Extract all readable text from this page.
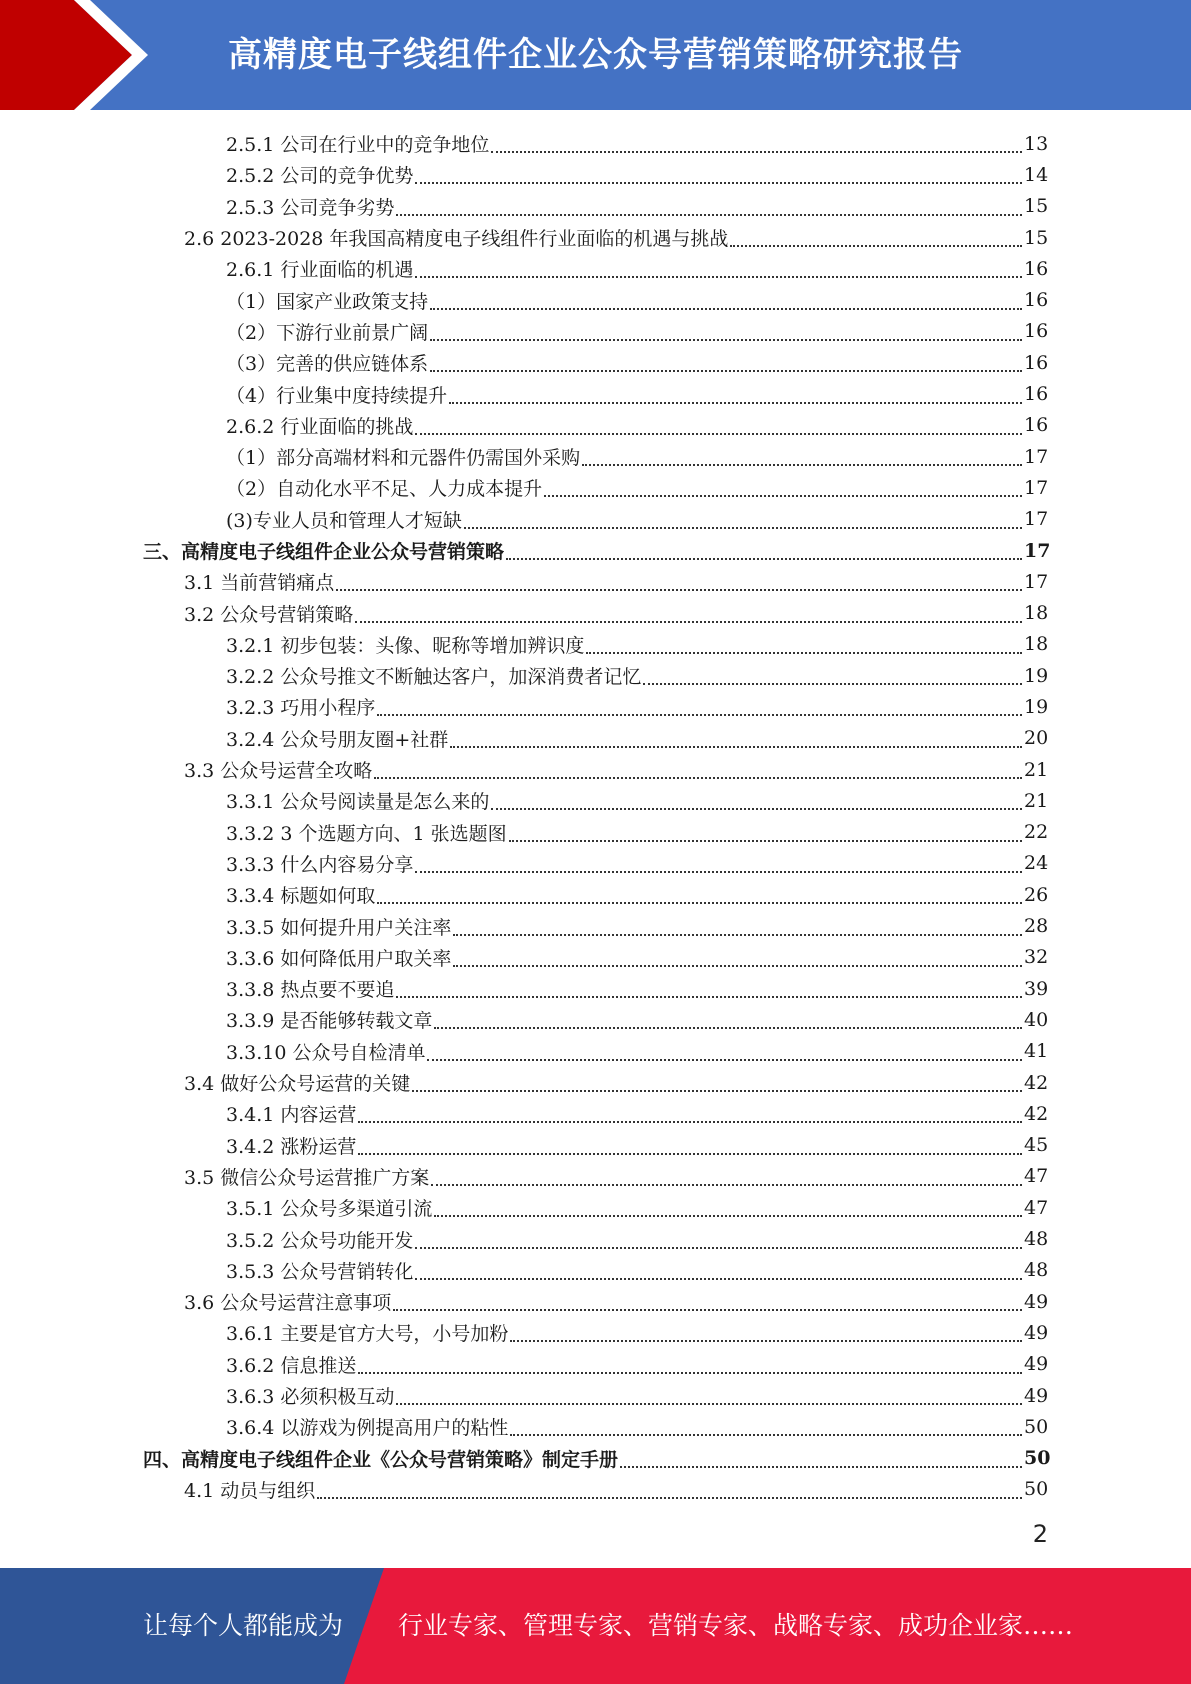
高精度电子线组件企业公众号营销策略研究报告
2.5.1 公司在行业中的竞争地位	13
2.5.2 公司的竞争优势	14
2.5.3 公司竞争劣势	15
2.6 2023-2028 年我国高精度电子线组件行业面临的机遇与挑战	15
2.6.1 行业面临的机遇	16
（1）国家产业政策支持	16
（2）下游行业前景广阔	16
（3）完善的供应链体系	16
（4）行业集中度持续提升	16
2.6.2 行业面临的挑战	16
（1）部分高端材料和元器件仍需国外采购	17
（2）自动化水平不足、人力成本提升	17
(3)专业人员和管理人才短缺	17
三、高精度电子线组件企业公众号营销策略	17
3.1 当前营销痛点	17
3.2 公众号营销策略	18
3.2.1 初步包装：头像、昵称等增加辨识度	18
3.2.2 公众号推文不断触达客户，加深消费者记忆	19
3.2.3 巧用小程序	19
3.2.4 公众号朋友圈+社群	20
3.3 公众号运营全攻略	21
3.3.1 公众号阅读量是怎么来的	21
3.3.2 3 个选题方向、1 张选题图	22
3.3.3 什么内容易分享	24
3.3.4 标题如何取	26
3.3.5 如何提升用户关注率	28
3.3.6 如何降低用户取关率	32
3.3.8 热点要不要追	39
3.3.9 是否能够转载文章	40
3.3.10 公众号自检清单	41
3.4 做好公众号运营的关键	42
3.4.1 内容运营	42
3.4.2 涨粉运营	45
3.5 微信公众号运营推广方案	47
3.5.1 公众号多渠道引流	47
3.5.2 公众号功能开发	48
3.5.3 公众号营销转化	48
3.6 公众号运营注意事项	49
3.6.1 主要是官方大号，小号加粉	49
3.6.2 信息推送	49
3.6.3 必须积极互动	49
3.6.4 以游戏为例提高用户的粘性	50
四、高精度电子线组件企业《公众号营销策略》制定手册	50
4.1 动员与组织	50
2
让每个人都能成为 行业专家、管理专家、营销专家、战略专家、成功企业家……
